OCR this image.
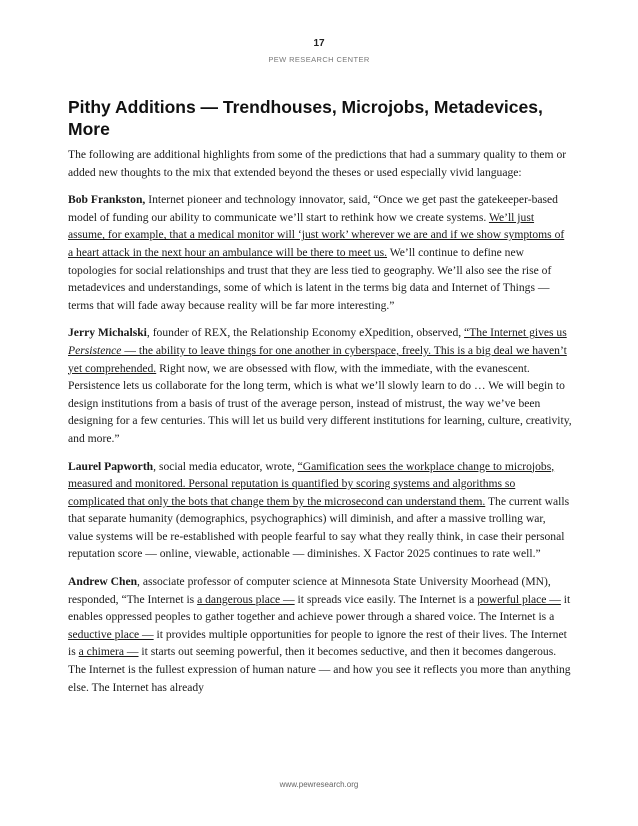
17
PEW RESEARCH CENTER
Pithy Additions — Trendhouses, Microjobs, Metadevices, More

The following are additional highlights from some of the predictions that had a summary quality to them or added new thoughts to the mix that extended beyond the theses or used especially vivid language:

Bob Frankston, Internet pioneer and technology innovator, said, “Once we get past the gatekeeper-based model of funding our ability to communicate we’ll start to rethink how we create systems. We’ll just assume, for example, that a medical monitor will ‘just work’ wherever we are and if we show symptoms of a heart attack in the next hour an ambulance will be there to meet us. We’ll continue to define new topologies for social relationships and trust that they are less tied to geography. We’ll also see the rise of metadevices and understandings, some of which is latent in the terms big data and Internet of Things — terms that will fade away because reality will be far more interesting.”

Jerry Michalski, founder of REX, the Relationship Economy eXpedition, observed, “The Internet gives us Persistence — the ability to leave things for one another in cyberspace, freely. This is a big deal we haven’t yet comprehended. Right now, we are obsessed with flow, with the immediate, with the evanescent. Persistence lets us collaborate for the long term, which is what we’ll slowly learn to do … We will begin to design institutions from a basis of trust of the average person, instead of mistrust, the way we’ve been designing for a few centuries. This will let us build very different institutions for learning, culture, creativity, and more.”

Laurel Papworth, social media educator, wrote, “Gamification sees the workplace change to microjobs, measured and monitored. Personal reputation is quantified by scoring systems and algorithms so complicated that only the bots that change them by the microsecond can understand them. The current walls that separate humanity (demographics, psychographics) will diminish, and after a massive trolling war, value systems will be re-established with people fearful to say what they really think, in case their personal reputation score — online, viewable, actionable — diminishes. X Factor 2025 continues to rate well.”

Andrew Chen, associate professor of computer science at Minnesota State University Moorhead (MN), responded, “The Internet is a dangerous place — it spreads vice easily. The Internet is a powerful place — it enables oppressed peoples to gather together and achieve power through a shared voice. The Internet is a seductive place — it provides multiple opportunities for people to ignore the rest of their lives. The Internet is a chimera — it starts out seeming powerful, then it becomes seductive, and then it becomes dangerous. The Internet is the fullest expression of human nature — and how you see it reflects you more than anything else. The Internet has already

www.pewresearch.org
